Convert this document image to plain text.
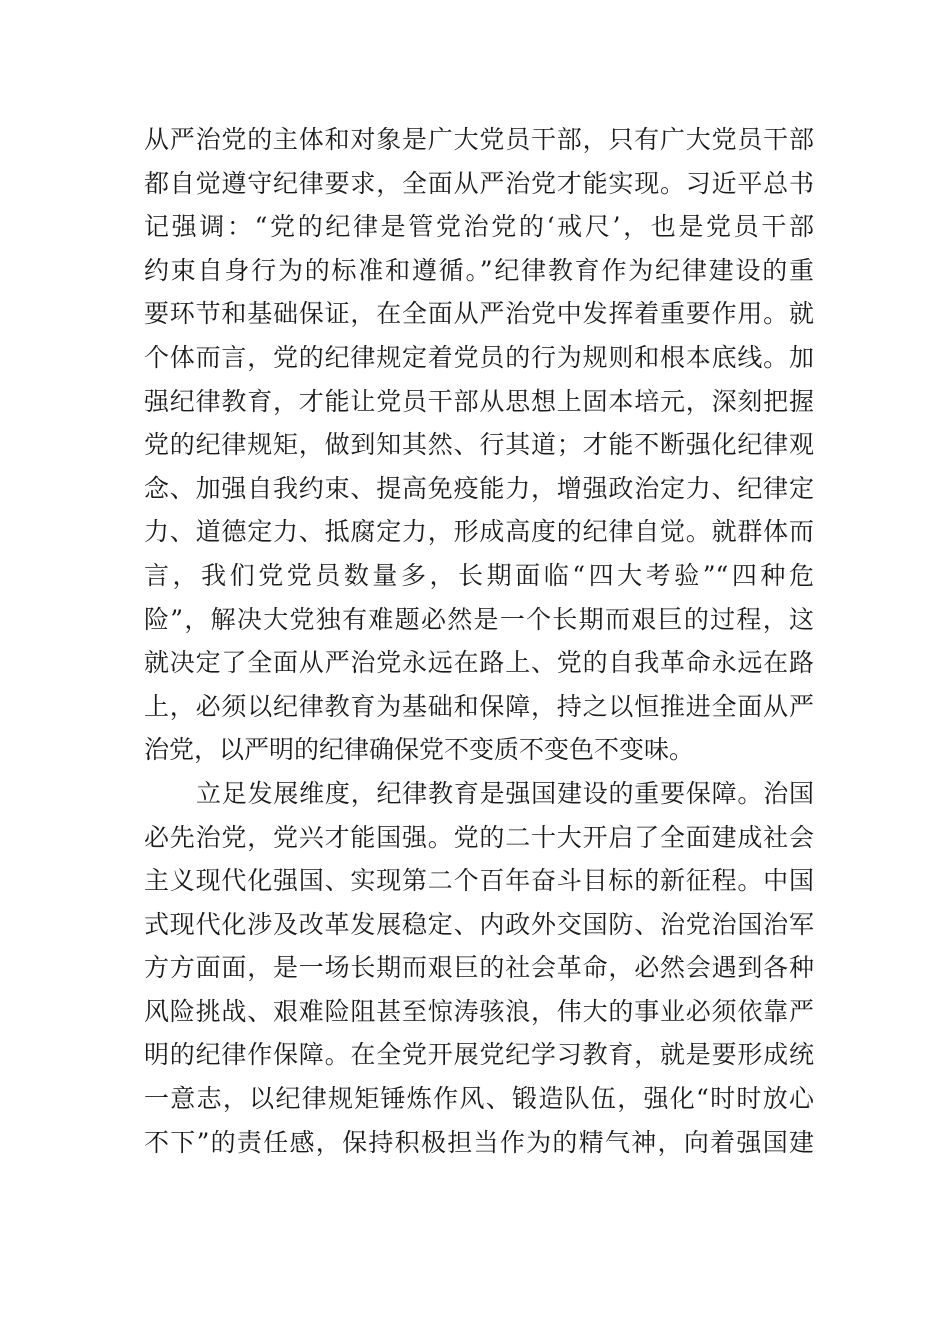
从严治党的主体和对象是广大党员干部，只有广大党员干部
都自觉遵守纪律要求，全面从严治党才能实现。习近平总书
记强调：“党的纪律是管党治党的‘戒尺’，也是党员干部
约束自身行为的标准和遵循。”纪律教育作为纪律建设的重
要环节和基础保证，在全面从严治党中发挥着重要作用。就
个体而言，党的纪律规定着党员的行为规则和根本底线。加
强纪律教育，才能让党员干部从思想上固本培元，深刻把握
党的纪律规矩，做到知其然、行其道；才能不断强化纪律观
念、加强自我约束、提高免疫能力，增强政治定力、纪律定
力、道德定力、抵腐定力，形成高度的纪律自觉。就群体而
言，我们党党员数量多，长期面临“四大考验”“四种危
险”，解决大党独有难题必然是一个长期而艰巨的过程，这
就决定了全面从严治党永远在路上、党的自我革命永远在路
上，必须以纪律教育为基础和保障，持之以恒推进全面从严
治党，以严明的纪律确保党不变质不变色不变味。
立足发展维度，纪律教育是强国建设的重要保障。治国
必先治党，党兴才能国强。党的二十大开启了全面建成社会
主义现代化强国、实现第二个百年奋斗目标的新征程。中国
式现代化涉及改革发展稳定、内政外交国防、治党治国治军
方方面面，是一场长期而艰巨的社会革命，必然会遇到各种
风险挑战、艰难险阻甚至惊涛骇浪，伟大的事业必须依靠严
明的纪律作保障。在全党开展党纪学习教育，就是要形成统
一意志，以纪律规矩锤炼作风、锻造队伍，强化“时时放心
不下”的责任感，保持积极担当作为的精气神，向着强国建
